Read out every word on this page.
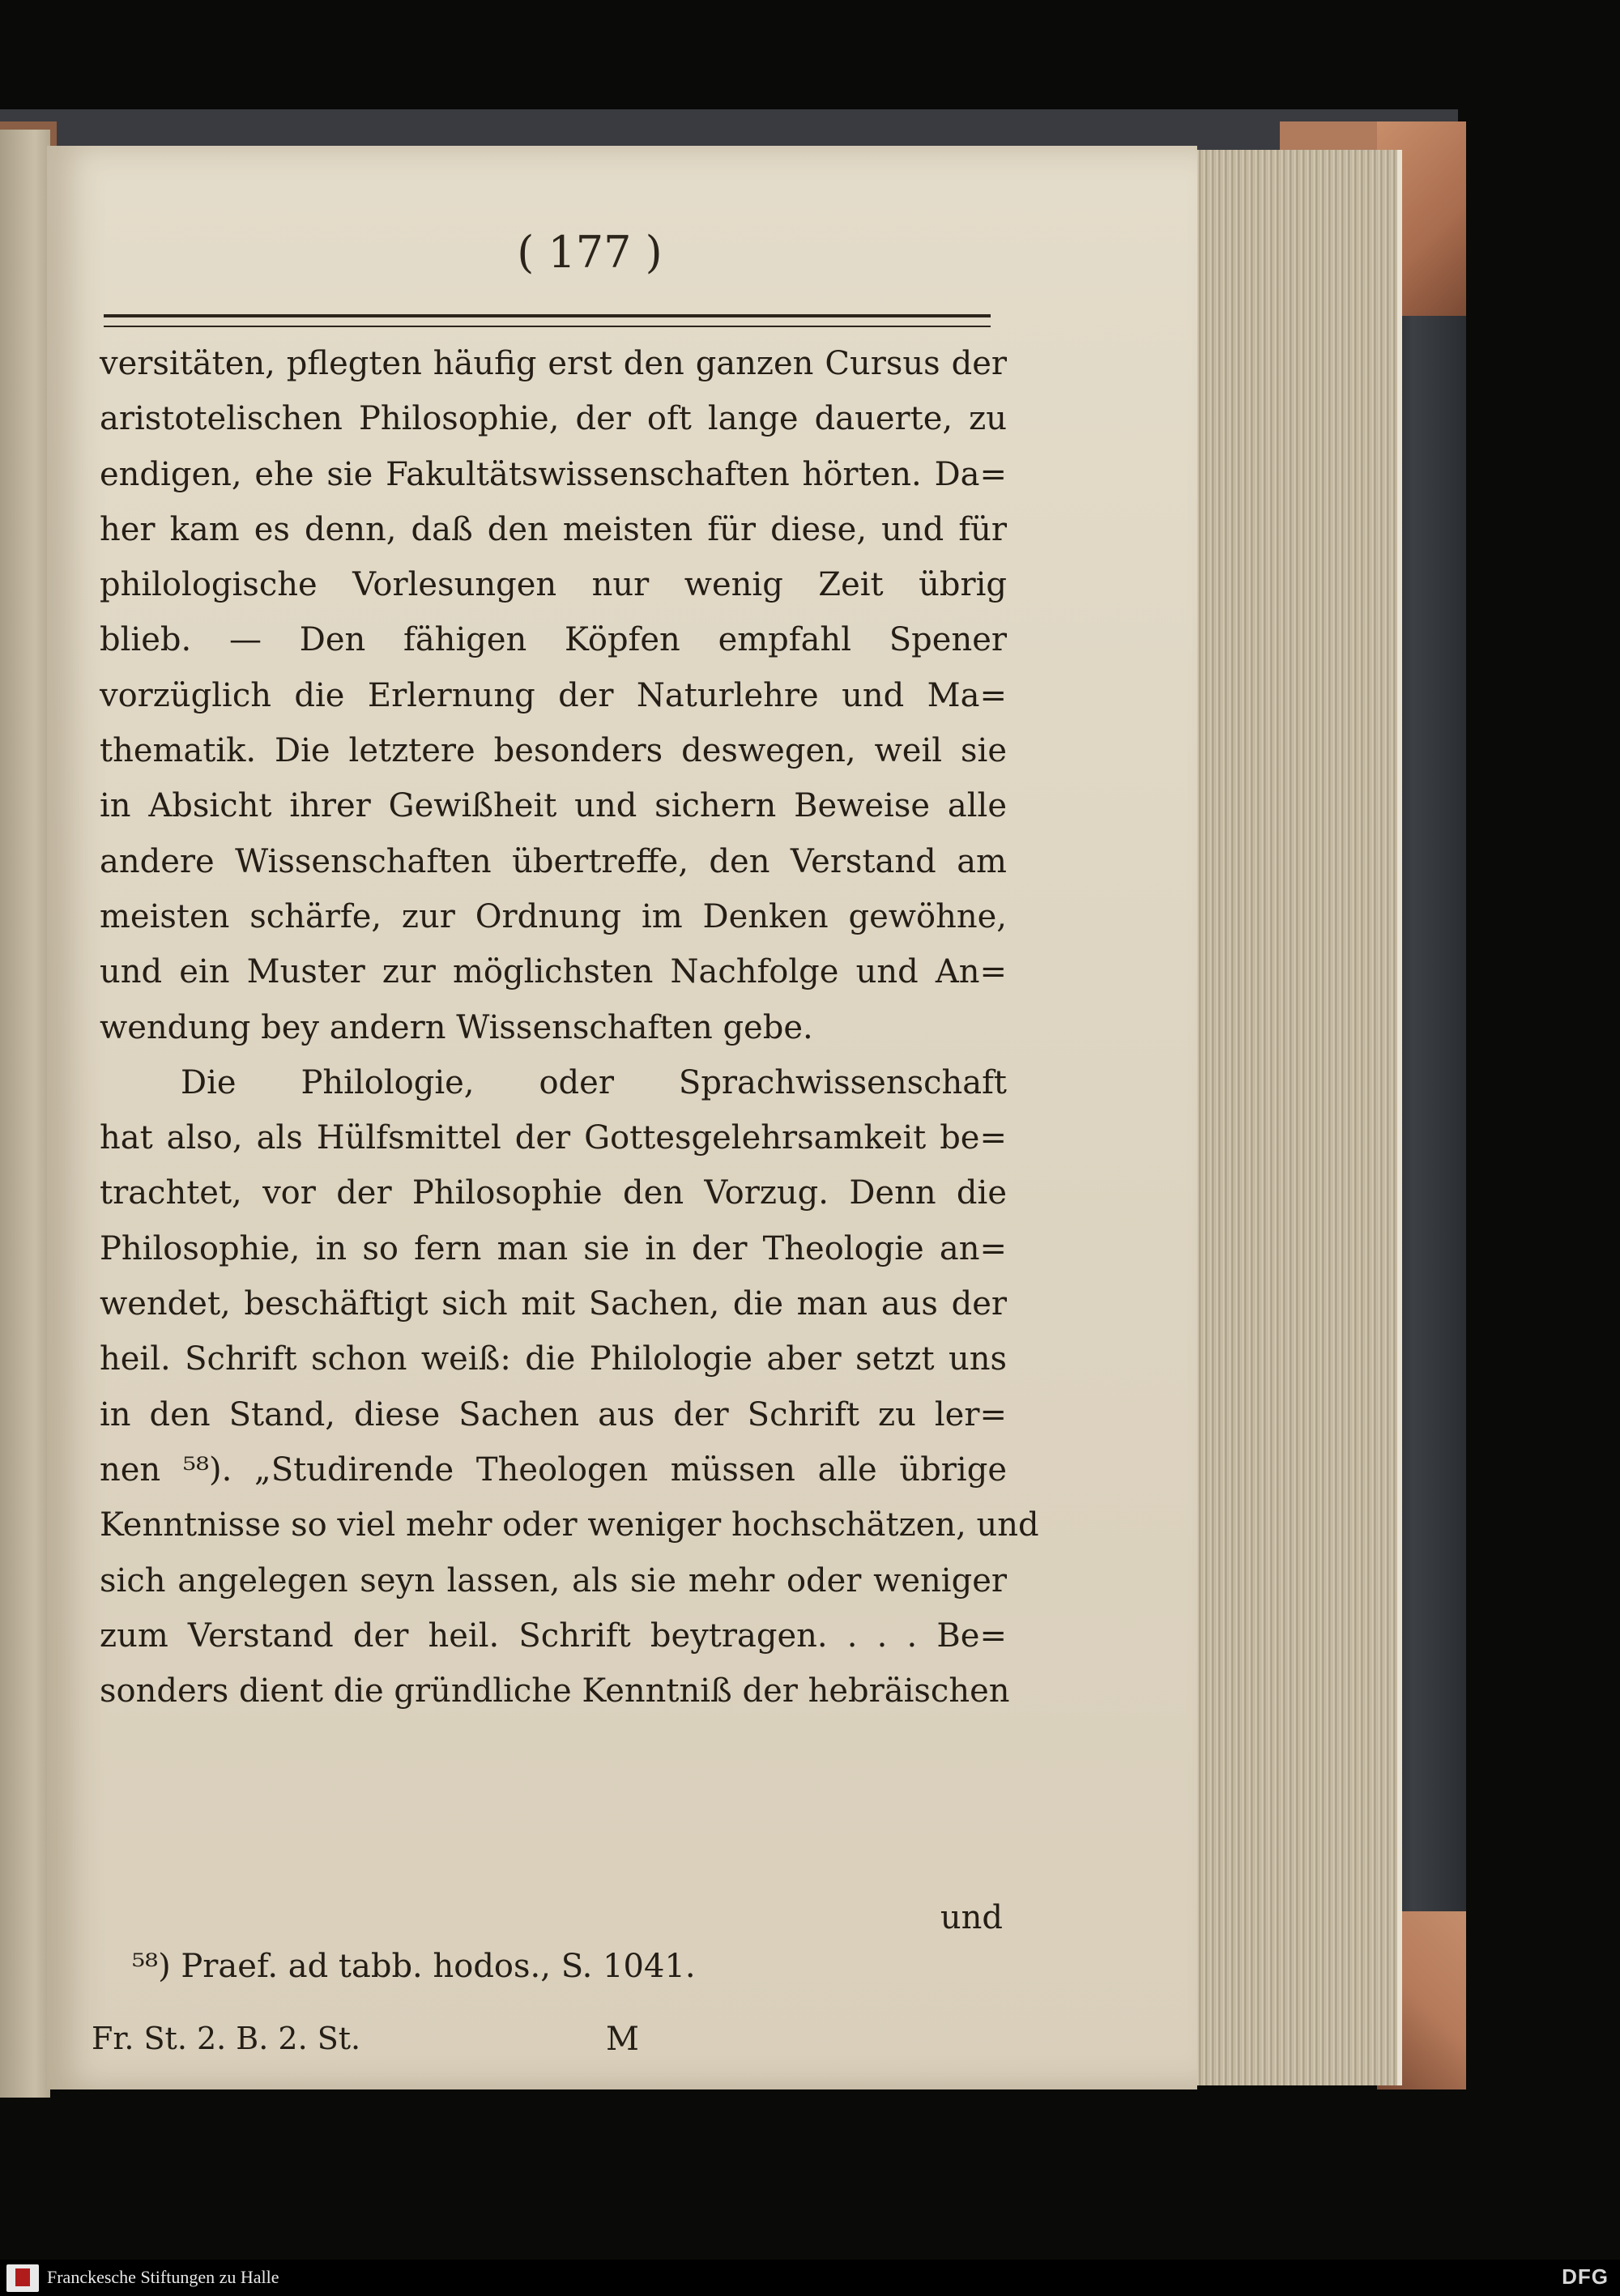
( 177 )
versitäten, pflegten häufig erst den ganzen Cursus der
aristotelischen Philosophie, der oft lange dauerte, zu
endigen, ehe sie Fakultätswissenschaften hörten. Da=
her kam es denn, daß den meisten für diese, und für
philologische Vorlesungen nur wenig Zeit übrig
blieb. — Den fähigen Köpfen empfahl Spener
vorzüglich die Erlernung der Naturlehre und Ma=
thematik. Die letztere besonders deswegen, weil sie
in Absicht ihrer Gewißheit und sichern Beweise alle
andere Wissenschaften übertreffe, den Verstand am
meisten schärfe, zur Ordnung im Denken gewöhne,
und ein Muster zur möglichsten Nachfolge und An=
wendung bey andern Wissenschaften gebe.
Die Philologie, oder Sprachwissenschaft
hat also, als Hülfsmittel der Gottesgelehrsamkeit be=
trachtet, vor der Philosophie den Vorzug. Denn die
Philosophie, in so fern man sie in der Theologie an=
wendet, beschäftigt sich mit Sachen, die man aus der
heil. Schrift schon weiß: die Philologie aber setzt uns
in den Stand, diese Sachen aus der Schrift zu ler=
nen ⁵⁸). „Studirende Theologen müssen alle übrige
Kenntnisse so viel mehr oder weniger hochschätzen, und
sich angelegen seyn lassen, als sie mehr oder weniger
zum Verstand der heil. Schrift beytragen. . . . Be=
sonders dient die gründliche Kenntniß der hebräischen
und
⁵⁸) Praef. ad tabb. hodos., S. 1041.
Fr. St. 2. B. 2. St.	M
Franckesche Stiftungen zu Halle	DFG
